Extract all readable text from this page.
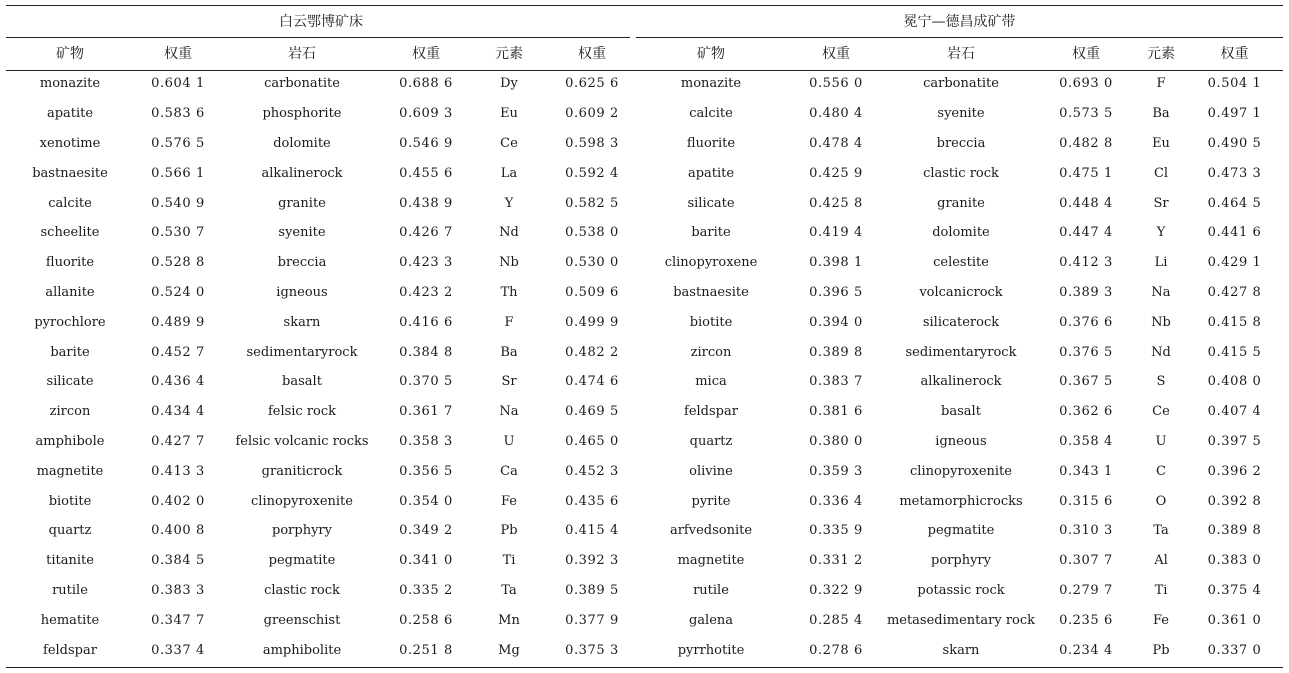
白云鄂博矿床						冕宁—德昌成矿带					
矿物	权重	岩石	权重	元素	权重	矿物	权重	岩石	权重	元素	权重
monazite	0.604 1	carbonatite	0.688 6	Dy	0.625 6	monazite	0.556 0	carbonatite	0.693 0	F	0.504 1
apatite	0.583 6	phosphorite	0.609 3	Eu	0.609 2	calcite	0.480 4	syenite	0.573 5	Ba	0.497 1
xenotime	0.576 5	dolomite	0.546 9	Ce	0.598 3	fluorite	0.478 4	breccia	0.482 8	Eu	0.490 5
bastnaesite	0.566 1	alkalinerock	0.455 6	La	0.592 4	apatite	0.425 9	clastic rock	0.475 1	Cl	0.473 3
calcite	0.540 9	granite	0.438 9	Y	0.582 5	silicate	0.425 8	granite	0.448 4	Sr	0.464 5
scheelite	0.530 7	syenite	0.426 7	Nd	0.538 0	barite	0.419 4	dolomite	0.447 4	Y	0.441 6
fluorite	0.528 8	breccia	0.423 3	Nb	0.530 0	clinopyroxene	0.398 1	celestite	0.412 3	Li	0.429 1
allanite	0.524 0	igneous	0.423 2	Th	0.509 6	bastnaesite	0.396 5	volcanicrock	0.389 3	Na	0.427 8
pyrochlore	0.489 9	skarn	0.416 6	F	0.499 9	biotite	0.394 0	silicaterock	0.376 6	Nb	0.415 8
barite	0.452 7	sedimentaryrock	0.384 8	Ba	0.482 2	zircon	0.389 8	sedimentaryrock	0.376 5	Nd	0.415 5
silicate	0.436 4	basalt	0.370 5	Sr	0.474 6	mica	0.383 7	alkalinerock	0.367 5	S	0.408 0
zircon	0.434 4	felsic rock	0.361 7	Na	0.469 5	feldspar	0.381 6	basalt	0.362 6	Ce	0.407 4
amphibole	0.427 7	felsic volcanic rocks	0.358 3	U	0.465 0	quartz	0.380 0	igneous	0.358 4	U	0.397 5
magnetite	0.413 3	graniticrock	0.356 5	Ca	0.452 3	olivine	0.359 3	clinopyroxenite	0.343 1	C	0.396 2
biotite	0.402 0	clinopyroxenite	0.354 0	Fe	0.435 6	pyrite	0.336 4	metamorphicrocks	0.315 6	O	0.392 8
quartz	0.400 8	porphyry	0.349 2	Pb	0.415 4	arfvedsonite	0.335 9	pegmatite	0.310 3	Ta	0.389 8
titanite	0.384 5	pegmatite	0.341 0	Ti	0.392 3	magnetite	0.331 2	porphyry	0.307 7	Al	0.383 0
rutile	0.383 3	clastic rock	0.335 2	Ta	0.389 5	rutile	0.322 9	potassic rock	0.279 7	Ti	0.375 4
hematite	0.347 7	greenschist	0.258 6	Mn	0.377 9	galena	0.285 4	metasedimentary rock	0.235 6	Fe	0.361 0
feldspar	0.337 4	amphibolite	0.251 8	Mg	0.375 3	pyrrhotite	0.278 6	skarn	0.234 4	Pb	0.337 0
